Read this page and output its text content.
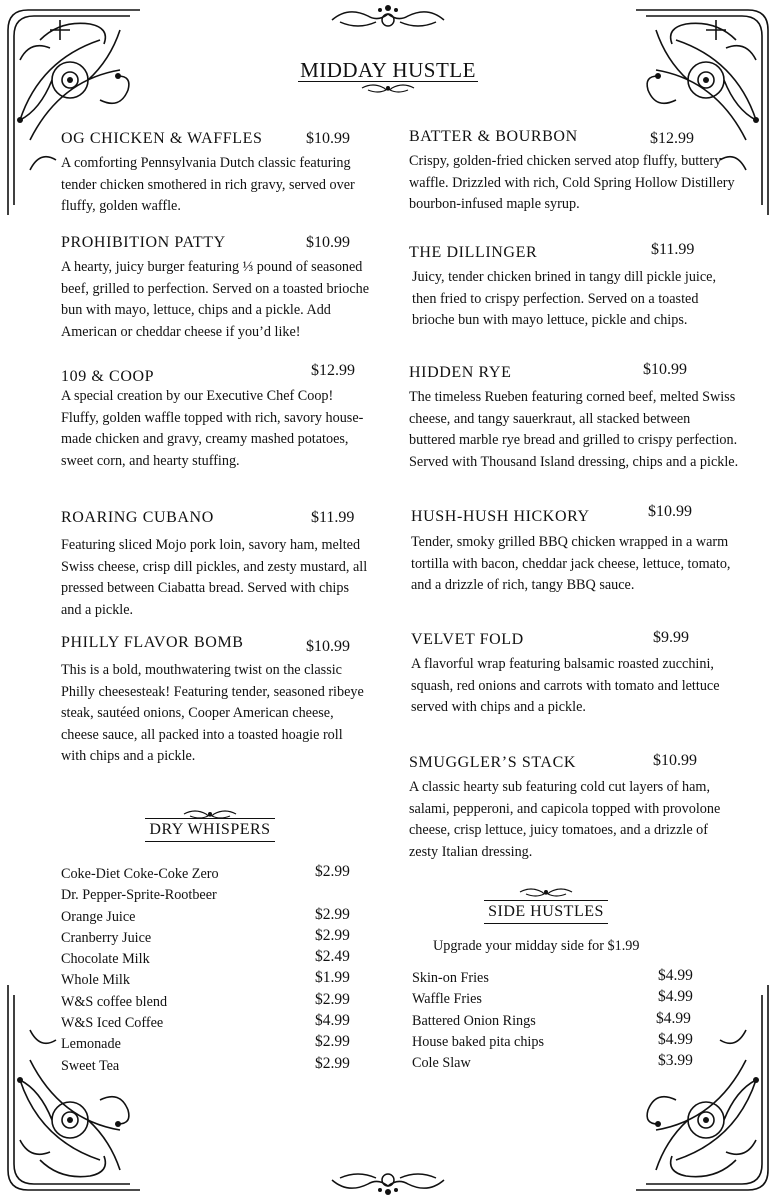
MIDDAY HUSTLE
OG CHICKEN & WAFFLES	$10.99
A comforting Pennsylvania Dutch classic featuring tender chicken smothered in rich gravy, served over fluffy, golden waffle.
PROHIBITION PATTY	$10.99
A hearty, juicy burger featuring ⅓ pound of seasoned beef, grilled to perfection. Served on a toasted brioche bun with mayo, lettuce, chips and a pickle. Add American or cheddar cheese if you’d like!
109 & COOP	$12.99
A special creation by our Executive Chef Coop! Fluffy, golden waffle topped with rich, savory house-made chicken and gravy, creamy mashed potatoes, sweet corn, and hearty stuffing.
ROARING CUBANO	$11.99
Featuring sliced Mojo pork loin, savory ham, melted Swiss cheese, crisp dill pickles, and zesty mustard, all pressed between Ciabatta bread. Served with chips and a pickle.
PHILLY FLAVOR BOMB	$10.99
This is a bold, mouthwatering twist on the classic Philly cheesesteak! Featuring tender, seasoned ribeye steak, sautéed onions, Cooper American cheese, cheese sauce, all packed into a toasted hoagie roll with chips and a pickle.
BATTER & BOURBON	$12.99
Crispy, golden-fried chicken served atop fluffy, buttery waffle. Drizzled with rich, Cold Spring Hollow Distillery bourbon-infused maple syrup.
THE DILLINGER	$11.99
Juicy, tender chicken brined in tangy dill pickle juice, then fried to crispy perfection. Served on a toasted brioche bun with mayo lettuce, pickle and chips.
HIDDEN RYE	$10.99
The timeless Rueben featuring corned beef, melted Swiss cheese, and tangy sauerkraut, all stacked between buttered marble rye bread and grilled to crispy perfection. Served with Thousand Island dressing, chips and a pickle.
HUSH-HUSH HICKORY	$10.99
Tender, smoky grilled BBQ chicken wrapped in a warm tortilla with bacon, cheddar jack cheese, lettuce, tomato, and a drizzle of rich, tangy BBQ sauce.
VELVET FOLD	$9.99
A flavorful wrap featuring balsamic roasted zucchini, squash, red onions and carrots with tomato and lettuce served with chips and a pickle.
SMUGGLER’S STACK	$10.99
A classic hearty sub featuring cold cut layers of ham, salami, pepperoni, and capicola topped with provolone cheese, crisp lettuce, juicy tomatoes, and a drizzle of zesty Italian dressing.
DRY WHISPERS
Coke-Diet Coke-Coke Zero	$2.99
Dr. Pepper-Sprite-Rootbeer
Orange Juice	$2.99
Cranberry Juice	$2.99
Chocolate Milk	$2.49
Whole Milk	$1.99
W&S coffee blend	$2.99
W&S Iced Coffee	$4.99
Lemonade	$2.99
Sweet Tea	$2.99
SIDE HUSTLES
Upgrade your midday side for $1.99
Skin-on Fries	$4.99
Waffle Fries	$4.99
Battered Onion Rings	$4.99
House baked pita chips	$4.99
Cole Slaw	$3.99
